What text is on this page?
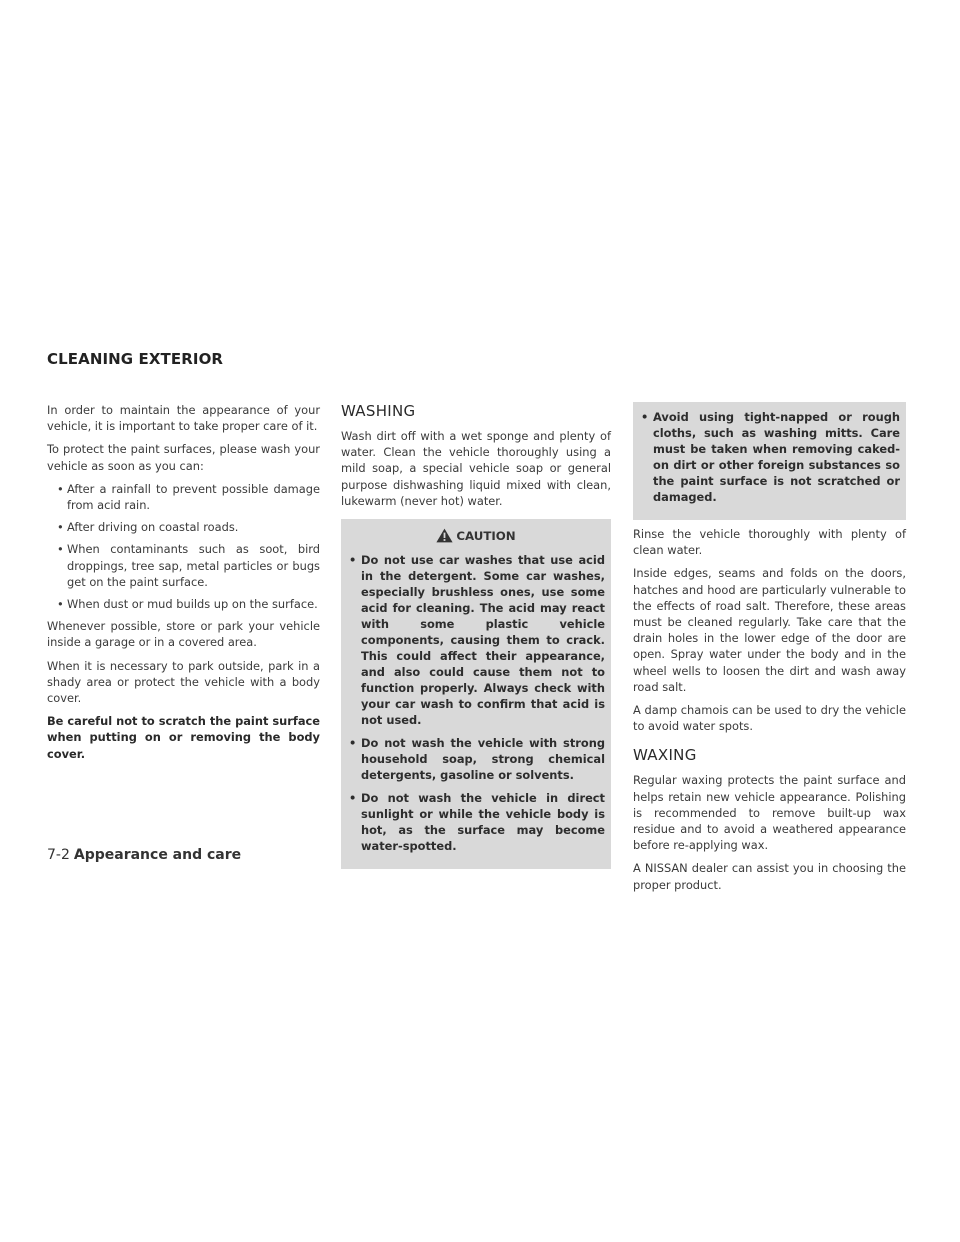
CLEANING EXTERIOR

In order to maintain the appearance of your vehicle, it is important to take proper care of it.

To protect the paint surfaces, please wash your vehicle as soon as you can:

• After a rainfall to prevent possible damage from acid rain.
• After driving on coastal roads.
• When contaminants such as soot, bird droppings, tree sap, metal particles or bugs get on the paint surface.
• When dust or mud builds up on the surface.

Whenever possible, store or park your vehicle inside a garage or in a covered area.

When it is necessary to park outside, park in a shady area or protect the vehicle with a body cover.

Be careful not to scratch the paint surface when putting on or removing the body cover.

WASHING

Wash dirt off with a wet sponge and plenty of water. Clean the vehicle thoroughly using a mild soap, a special vehicle soap or general purpose dishwashing liquid mixed with clean, lukewarm (never hot) water.

CAUTION
• Do not use car washes that use acid in the detergent. Some car washes, especially brushless ones, use some acid for cleaning. The acid may react with some plastic vehicle components, causing them to crack. This could affect their appearance, and also could cause them not to function properly. Always check with your car wash to confirm that acid is not used.
• Do not wash the vehicle with strong household soap, strong chemical detergents, gasoline or solvents.
• Do not wash the vehicle in direct sunlight or while the vehicle body is hot, as the surface may become water-spotted.
• Avoid using tight-napped or rough cloths, such as washing mitts. Care must be taken when removing caked-on dirt or other foreign substances so the paint surface is not scratched or damaged.

Rinse the vehicle thoroughly with plenty of clean water.

Inside edges, seams and folds on the doors, hatches and hood are particularly vulnerable to the effects of road salt. Therefore, these areas must be cleaned regularly. Take care that the drain holes in the lower edge of the door are open. Spray water under the body and in the wheel wells to loosen the dirt and wash away road salt.

A damp chamois can be used to dry the vehicle to avoid water spots.

WAXING

Regular waxing protects the paint surface and helps retain new vehicle appearance. Polishing is recommended to remove built-up wax residue and to avoid a weathered appearance before re-applying wax.

A NISSAN dealer can assist you in choosing the proper product.

7-2 Appearance and care
